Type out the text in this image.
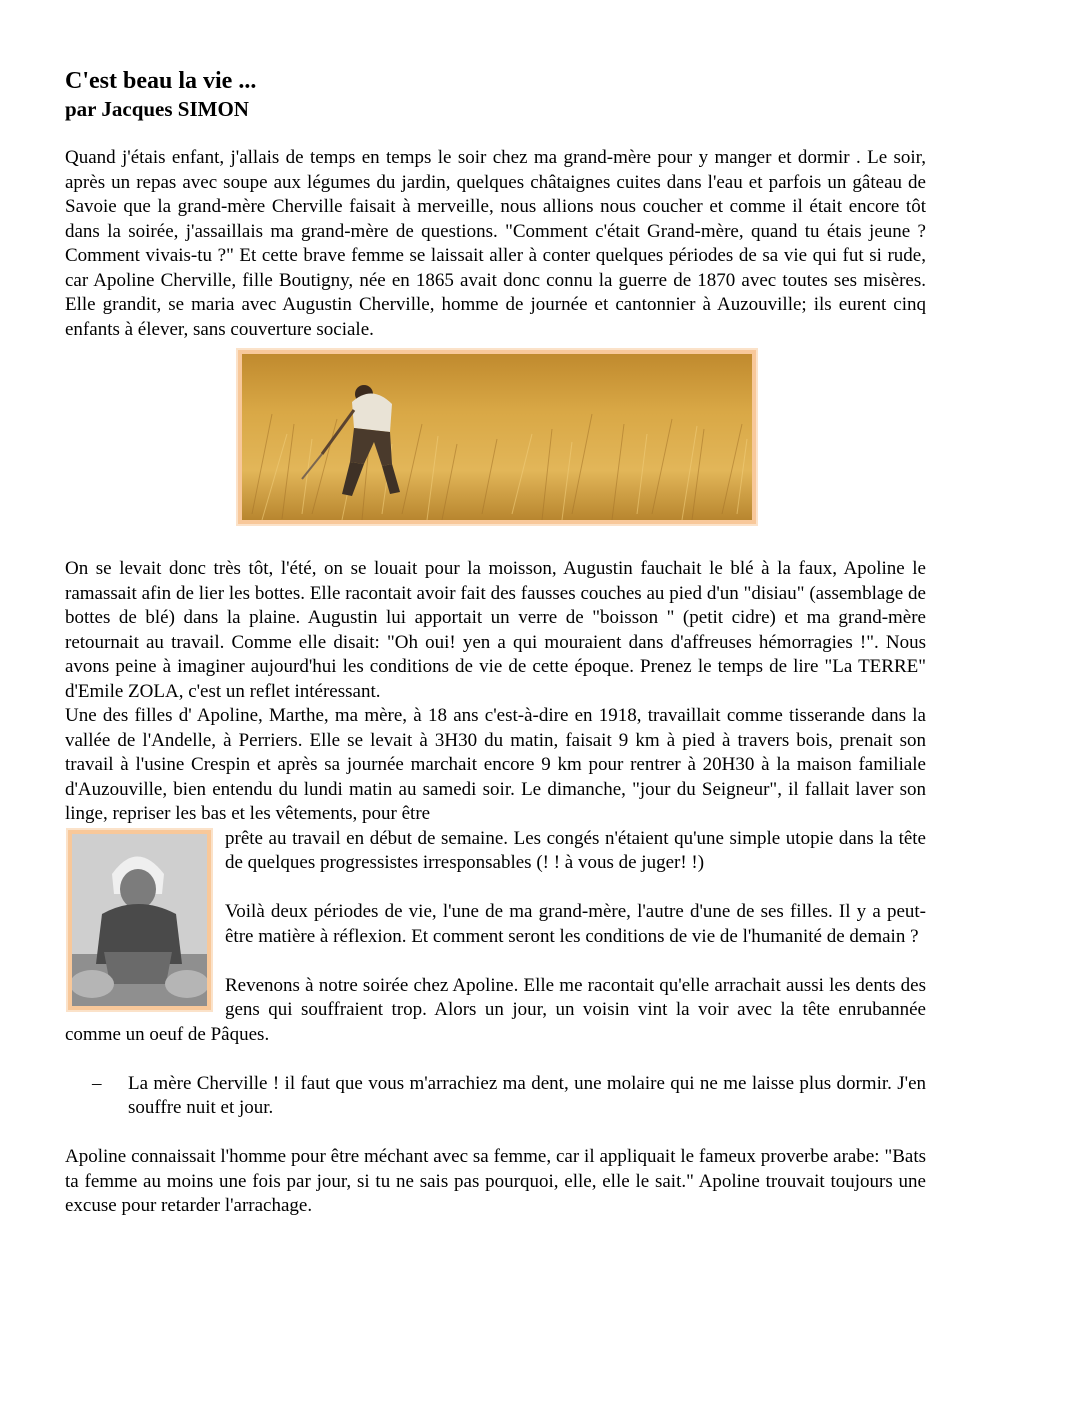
C'est beau la vie ...
par Jacques SIMON

Quand j'étais enfant, j'allais de temps en temps le soir chez ma grand-mère pour y manger et dormir . Le soir, après un repas avec soupe aux légumes du jardin, quelques châtaignes cuites dans l'eau et parfois un gâteau de Savoie que la grand-mère Cherville faisait à merveille, nous allions nous coucher et comme il était encore tôt dans la soirée, j'assaillais ma grand-mère de questions. "Comment c'était Grand-mère, quand tu étais jeune ? Comment vivais-tu ?" Et cette brave femme se laissait aller à conter quelques périodes de sa vie qui fut si rude, car Apoline Cherville, fille Boutigny, née en 1865 avait donc connu la guerre de 1870 avec toutes ses misères. Elle grandit, se maria avec Augustin Cherville, homme de journée et cantonnier à Auzouville; ils eurent cinq enfants à élever, sans couverture sociale.

On se levait donc très tôt, l'été, on se louait pour la moisson, Augustin fauchait le blé à la faux, Apoline le ramassait afin de lier les bottes. Elle racontait avoir fait des fausses couches au pied d'un "disiau" (assemblage de bottes de blé) dans la plaine. Augustin lui apportait un verre de "boisson " (petit cidre) et ma grand-mère retournait au travail. Comme elle disait: "Oh oui! yen a qui mouraient dans d'affreuses hémorragies !". Nous avons peine à imaginer aujourd'hui les conditions de vie de cette époque. Prenez le temps de lire "La TERRE" d'Emile ZOLA, c'est un reflet intéressant.

Une des filles d' Apoline, Marthe, ma mère, à 18 ans c'est-à-dire en 1918, travaillait comme tisserande dans la vallée de l'Andelle, à Perriers. Elle se levait à 3H30 du matin, faisait 9 km à pied à travers bois, prenait son travail à l'usine Crespin et après sa journée marchait encore 9 km pour rentrer à 20H30 à la maison familiale d'Auzouville, bien entendu du lundi matin au samedi soir. Le dimanche, "jour du Seigneur", il fallait laver son linge, repriser les bas et les vêtements, pour être

prête au travail en début de semaine. Les congés n'étaient qu'une simple utopie dans la tête de quelques progressistes irresponsables (! ! à vous de juger! !)

Voilà deux périodes de vie, l'une de ma grand-mère, l'autre d'une de ses filles. Il y a peut-être matière à réflexion. Et comment seront les conditions de vie de l'humanité de demain ?

Revenons à notre soirée chez Apoline. Elle me racontait qu'elle arrachait aussi les dents des gens qui souffraient trop. Alors un jour, un voisin vint la voir avec la tête enrubannée comme un oeuf de Pâques.

– La mère Cherville ! il faut que vous m'arrachiez ma dent, une molaire qui ne me laisse plus dormir. J'en souffre nuit et jour.

Apoline connaissait l'homme pour être méchant avec sa femme, car il appliquait le fameux proverbe arabe: "Bats ta femme au moins une fois par jour, si tu ne sais pas pourquoi, elle, elle le sait." Apoline trouvait toujours une excuse pour retarder l'arrachage.
